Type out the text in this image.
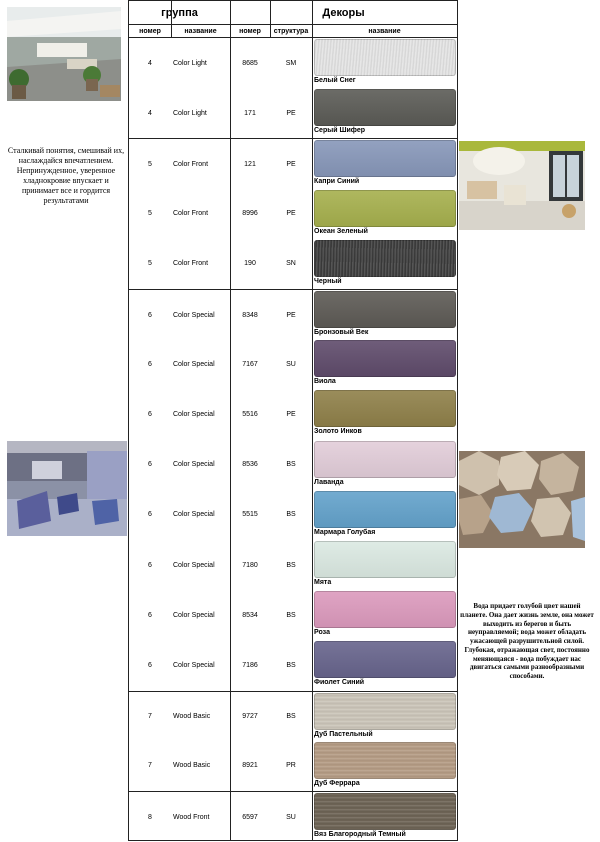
Сталкивай понятия, смешивай их, наслаждайся впечатлением. Непринужденное, уверенное хладнокровие впускает и принимает все и гордится результатами
Вода придает голубой цвет нашей планете. Она дает жизнь земле, она может выходить из берегов и быть неуправляемой; вода может обладать ужасающей разрушительной силой. Глубокая, отражающая свет, постоянно меняющаяся - вода побуждает нас двигаться самыми разнообразными способами.
группа	Декоры
номер	название	номер	структура	название
4	Color Light	8685	SM
Белый Снег
4	Color Light	171	PE
Серый Шифер
5	Color Front	121	PE
Капри Синий
5	Color Front	8996	PE
Океан Зеленый
5	Color Front	190	SN
Черный
6	Color Special	8348	PE
Бронзовый Век
6	Color Special	7167	SU
Виола
6	Color Special	5516	PE
Золото Инков
6	Color Special	8536	BS
Лаванда
6	Color Special	5515	BS
Мармара Голубая
6	Color Special	7180	BS
Мята
6	Color Special	8534	BS
Роза
6	Color Special	7186	BS
Фиолет Синий
7	Wood Basic	9727	BS
Дуб Пастельный
7	Wood Basic	8921	PR
Дуб Феррара
8	Wood Front	6597	SU
Вяз Благородный Темный
